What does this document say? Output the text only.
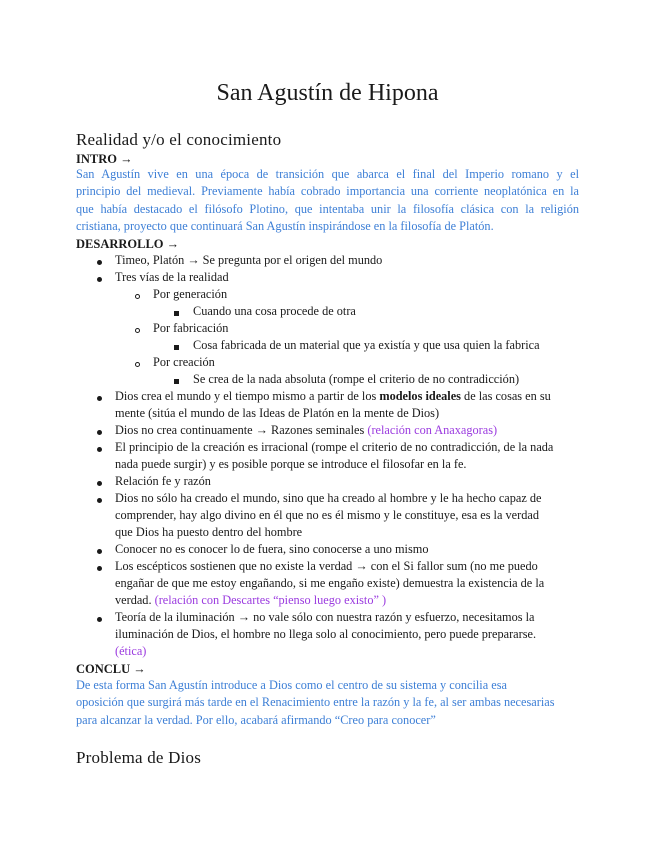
San Agustín de Hipona
Realidad y/o el conocimiento
INTRO →
San Agustín vive en una época de transición que abarca el final del Imperio romano y el
principio del medieval. Previamente había cobrado importancia una corriente neoplatónica en la
que había destacado el filósofo Plotino, que intentaba unir la filosofía clásica con la religión
cristiana, proyecto que continuará San Agustín inspirándose en la filosofía de Platón.
DESARROLLO →
Timeo, Platón → Se pregunta por el origen del mundo
Tres vías de la realidad
Por generación
Cuando una cosa procede de otra
Por fabricación
Cosa fabricada de un material que ya existía y que usa quien la fabrica
Por creación
Se crea de la nada absoluta (rompe el criterio de no contradicción)
Dios crea el mundo y el tiempo mismo a partir de los modelos ideales de las cosas en su
mente (sitúa el mundo de las Ideas de Platón en la mente de Dios)
Dios no crea continuamente → Razones seminales (relación con Anaxagoras)
El principio de la creación es irracional (rompe el criterio de no contradicción, de la nada
nada puede surgir) y es posible porque se introduce el filosofar en la fe.
Relación fe y razón
Dios no sólo ha creado el mundo, sino que ha creado al hombre y le ha hecho capaz de
comprender, hay algo divino en él que no es él mismo y le constituye, esa es la verdad
que Dios ha puesto dentro del hombre
Conocer no es conocer lo de fuera, sino conocerse a uno mismo
Los escépticos sostienen que no existe la verdad → con el Si fallor sum (no me puedo
engañar de que me estoy engañando, si me engaño existe) demuestra la existencia de la
verdad. (relación con Descartes “pienso luego existo” )
Teoría de la iluminación → no vale sólo con nuestra razón y esfuerzo, necesitamos la
iluminación de Dios, el hombre no llega solo al conocimiento, pero puede prepararse.
(ética)
CONCLU →
De esta forma San Agustín introduce a Dios como el centro de su sistema y concilia esa
oposición que surgirá más tarde en el Renacimiento entre la razón y la fe, al ser ambas necesarias
para alcanzar la verdad. Por ello, acabará afirmando “Creo para conocer”
Problema de Dios
